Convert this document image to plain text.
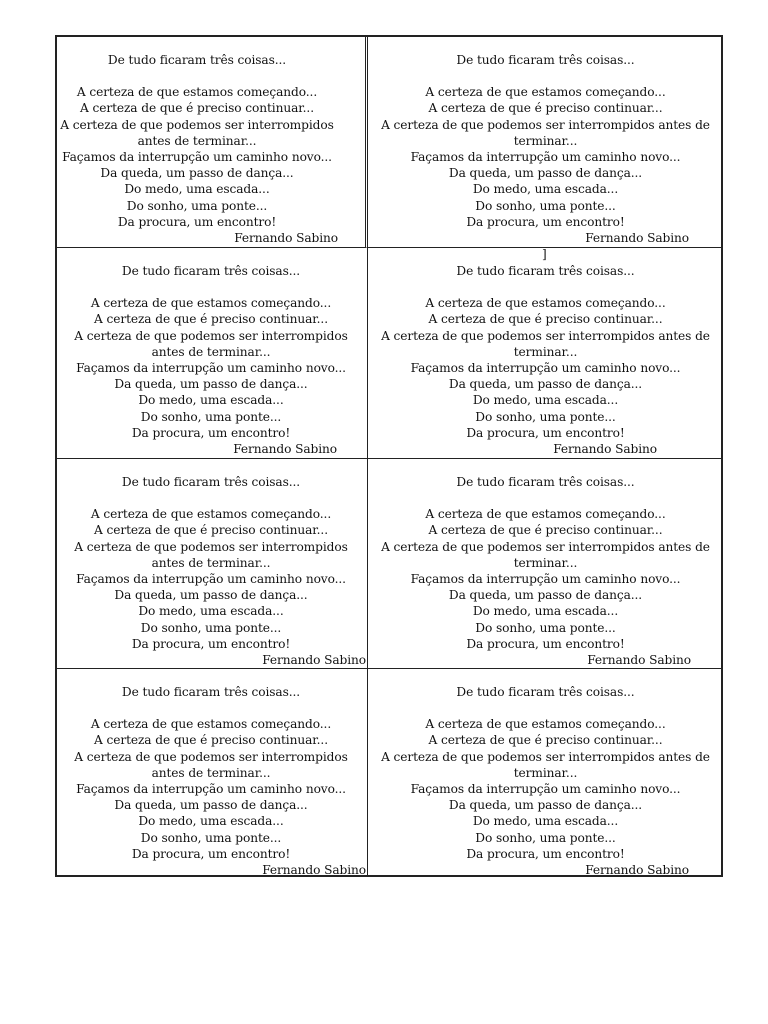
De tudo ficaram três coisas...
A certeza de que estamos começando...
A certeza de que é preciso continuar...
A certeza de que podemos ser interrompidos
antes de terminar...
Façamos da interrupção um caminho novo...
Da queda, um passo de dança...
Do medo, uma escada...
Do sonho, uma ponte...
Da procura, um encontro!
Fernando Sabino
De tudo ficaram três coisas...
A certeza de que estamos começando...
A certeza de que é preciso continuar...
A certeza de que podemos ser interrompidos antes de
terminar...
Façamos da interrupção um caminho novo...
Da queda, um passo de dança...
Do medo, uma escada...
Do sonho, uma ponte...
Da procura, um encontro!
Fernando Sabino
De tudo ficaram três coisas...
A certeza de que estamos começando...
A certeza de que é preciso continuar...
A certeza de que podemos ser interrompidos
antes de terminar...
Façamos da interrupção um caminho novo...
Da queda, um passo de dança...
Do medo, uma escada...
Do sonho, uma ponte...
Da procura, um encontro!
Fernando Sabino
De tudo ficaram três coisas...
A certeza de que estamos começando...
A certeza de que é preciso continuar...
A certeza de que podemos ser interrompidos antes de
terminar...
Façamos da interrupção um caminho novo...
Da queda, um passo de dança...
Do medo, uma escada...
Do sonho, uma ponte...
Da procura, um encontro!
Fernando Sabino
De tudo ficaram três coisas...
A certeza de que estamos começando...
A certeza de que é preciso continuar...
A certeza de que podemos ser interrompidos
antes de terminar...
Façamos da interrupção um caminho novo...
Da queda, um passo de dança...
Do medo, uma escada...
Do sonho, uma ponte...
Da procura, um encontro!
Fernando Sabino
De tudo ficaram três coisas...
A certeza de que estamos começando...
A certeza de que é preciso continuar...
A certeza de que podemos ser interrompidos antes de
terminar...
Façamos da interrupção um caminho novo...
Da queda, um passo de dança...
Do medo, uma escada...
Do sonho, uma ponte...
Da procura, um encontro!
Fernando Sabino
De tudo ficaram três coisas...
A certeza de que estamos começando...
A certeza de que é preciso continuar...
A certeza de que podemos ser interrompidos
antes de terminar...
Façamos da interrupção um caminho novo...
Da queda, um passo de dança...
Do medo, uma escada...
Do sonho, uma ponte...
Da procura, um encontro!
Fernando Sabino
De tudo ficaram três coisas...
A certeza de que estamos começando...
A certeza de que é preciso continuar...
A certeza de que podemos ser interrompidos antes de
terminar...
Façamos da interrupção um caminho novo...
Da queda, um passo de dança...
Do medo, uma escada...
Do sonho, uma ponte...
Da procura, um encontro!
Fernando Sabino
]
